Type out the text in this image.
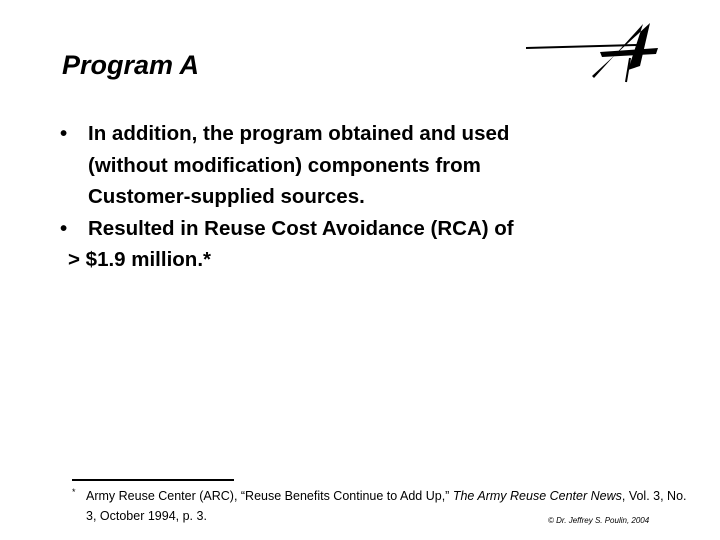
Program A
• In addition, the program obtained and used
(without modification) components from
Customer-supplied sources.
• Resulted in Reuse Cost Avoidance (RCA) of
> $1.9 million.*
* Army Reuse Center (ARC), “Reuse Benefits Continue to Add Up,” The Army Reuse Center News, Vol. 3, No. 3, October 1994, p. 3.	© Dr. Jeffrey S. Poulin, 2004
